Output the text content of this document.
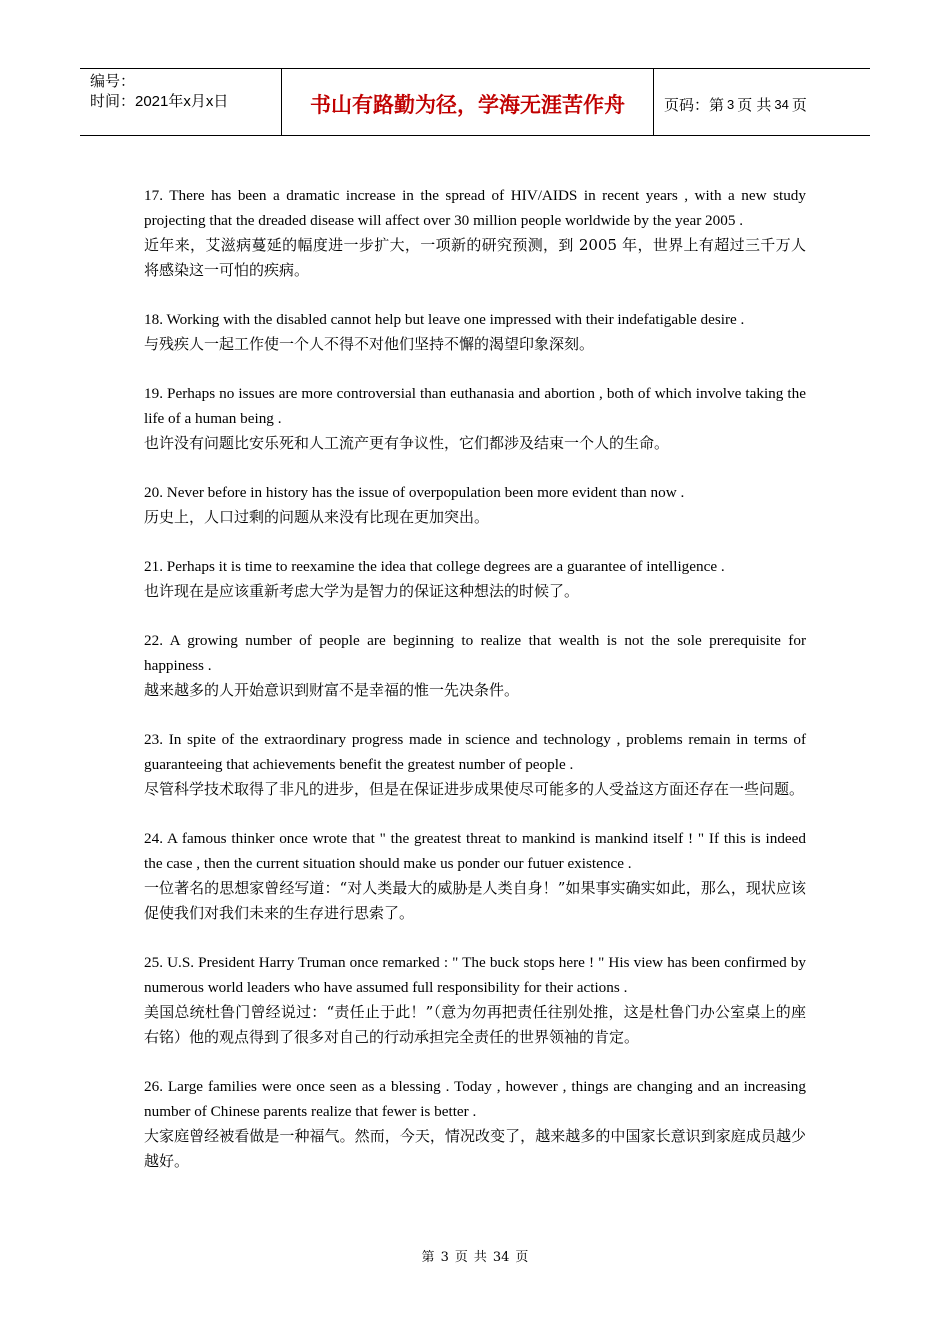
编号：
时间：2021年x月x日	书山有路勤为径，学海无涯苦作舟	页码：第 3 页 共 34 页
17. There has been a dramatic increase in the spread of HIV/AIDS in recent years , with a new study projecting that the dreaded disease will affect over 30 million people worldwide by the year 2005 .
近年来，艾滋病蔓延的幅度进一步扩大，一项新的研究预测，到 2005 年，世界上有超过三千万人将感染这一可怕的疾病。
18. Working with the disabled cannot help but leave one impressed with their indefatigable desire .
与残疾人一起工作使一个人不得不对他们坚持不懈的渴望印象深刻。
19. Perhaps no issues are more controversial than euthanasia and abortion , both of which involve taking the life of a human being .
也许没有问题比安乐死和人工流产更有争议性，它们都涉及结束一个人的生命。
20. Never before in history has the issue of overpopulation been more evident than now .
历史上，人口过剩的问题从来没有比现在更加突出。
21. Perhaps it is time to reexamine the idea that college degrees are a guarantee of intelligence .
也许现在是应该重新考虑大学为是智力的保证这种想法的时候了。
22. A growing number of people are beginning to realize that wealth is not the sole prerequisite for happiness .
越来越多的人开始意识到财富不是幸福的惟一先决条件。
23. In spite of the extraordinary progress made in science and technology , problems remain in terms of guaranteeing that achievements benefit the greatest number of people .
尽管科学技术取得了非凡的进步，但是在保证进步成果使尽可能多的人受益这方面还存在一些问题。
24. A famous thinker once wrote that " the greatest threat to mankind is mankind itself ! " If this is indeed the case , then the current situation should make us ponder our futuer existence .
一位著名的思想家曾经写道：“对人类最大的威胁是人类自身！”如果事实确实如此，那么，现状应该促使我们对我们未来的生存进行思索了。
25. U.S. President Harry Truman once remarked : " The buck stops here ! " His view has been confirmed by numerous world leaders who have assumed full responsibility for their actions .
美国总统杜鲁门曾经说过：“责任止于此！”（意为勿再把责任往别处推，这是杜鲁门办公室桌上的座右铭）他的观点得到了很多对自己的行动承担完全责任的世界领袖的肯定。
26. Large families were once seen as a blessing . Today , however , things are changing and an increasing number of Chinese parents realize that fewer is better .
大家庭曾经被看做是一种福气。然而，今天，情况改变了，越来越多的中国家长意识到家庭成员越少越好。
第 3 页 共 34 页
